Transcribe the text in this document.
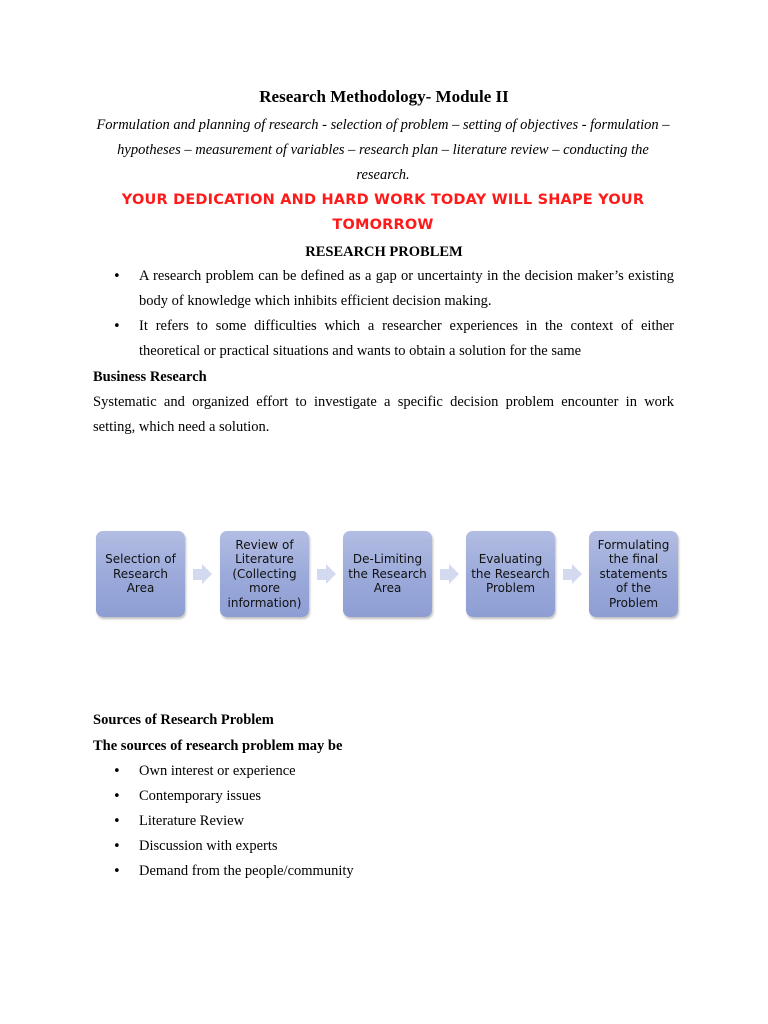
Research Methodology- Module II
Formulation and planning of research - selection of problem – setting of objectives - formulation – hypotheses – measurement of variables – research plan – literature review – conducting the research.
YOUR DEDICATION AND HARD WORK TODAY WILL SHAPE YOUR TOMORROW
RESEARCH PROBLEM
• A research problem can be defined as a gap or uncertainty in the decision maker’s existing body of knowledge which inhibits efficient decision making.
• It refers to some difficulties which a researcher experiences in the context of either theoretical or practical situations and wants to obtain a solution for the same
Business Research
Systematic and organized effort to investigate a specific decision problem encounter in work setting, which need a solution.
Selection of Research Area
Review of Literature (Collecting more information)
De-Limiting the Research Area
Evaluating the Research Problem
Formulating the final statements of the Problem
Sources of Research Problem
The sources of research problem may be
• Own interest or experience
• Contemporary issues
• Literature Review
• Discussion with experts
• Demand from the people/community
